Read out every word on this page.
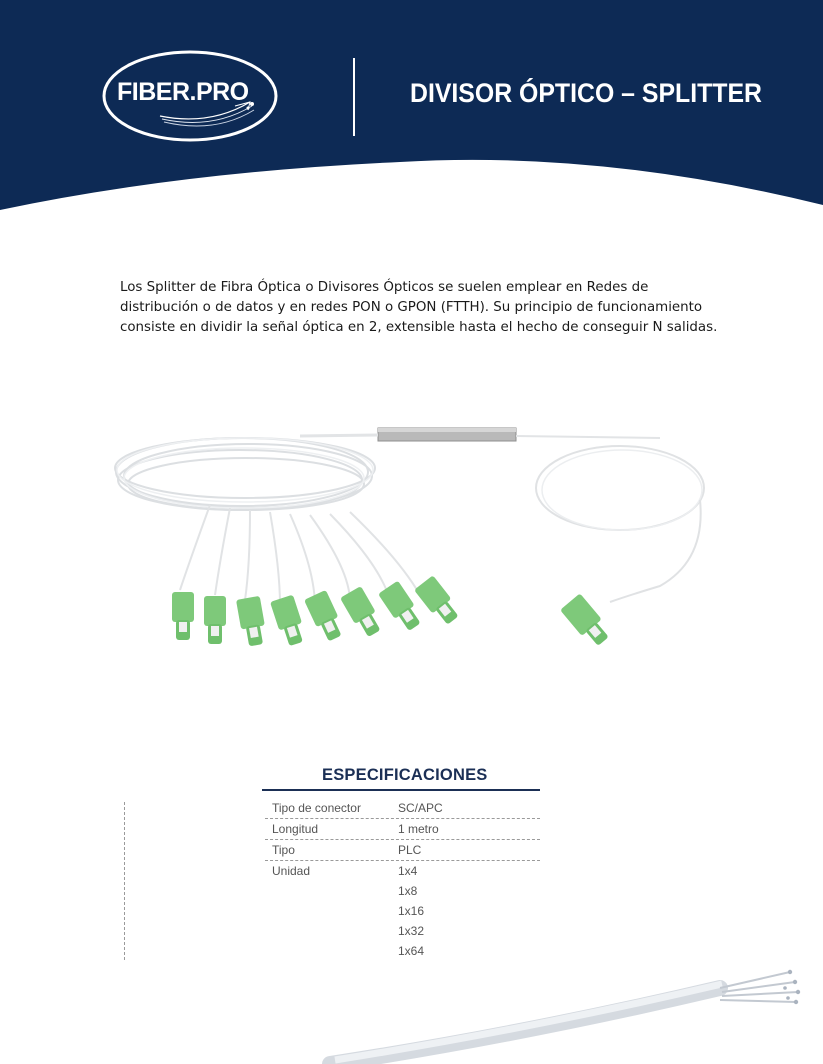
FIBER.PRO	DIVISOR ÓPTICO – SPLITTER

Los Splitter de Fibra Óptica o Divisores Ópticos se suelen emplear en Redes de distribución o de datos y en redes PON o GPON (FTTH). Su principio de funcionamiento consiste en dividir la señal óptica en 2, extensible hasta el hecho de conseguir N salidas.

ESPECIFICACIONES
Tipo de conector	SC/APC
Longitud	1 metro
Tipo	PLC
Unidad	1x4
1x8
1x16
1x32
1x64
